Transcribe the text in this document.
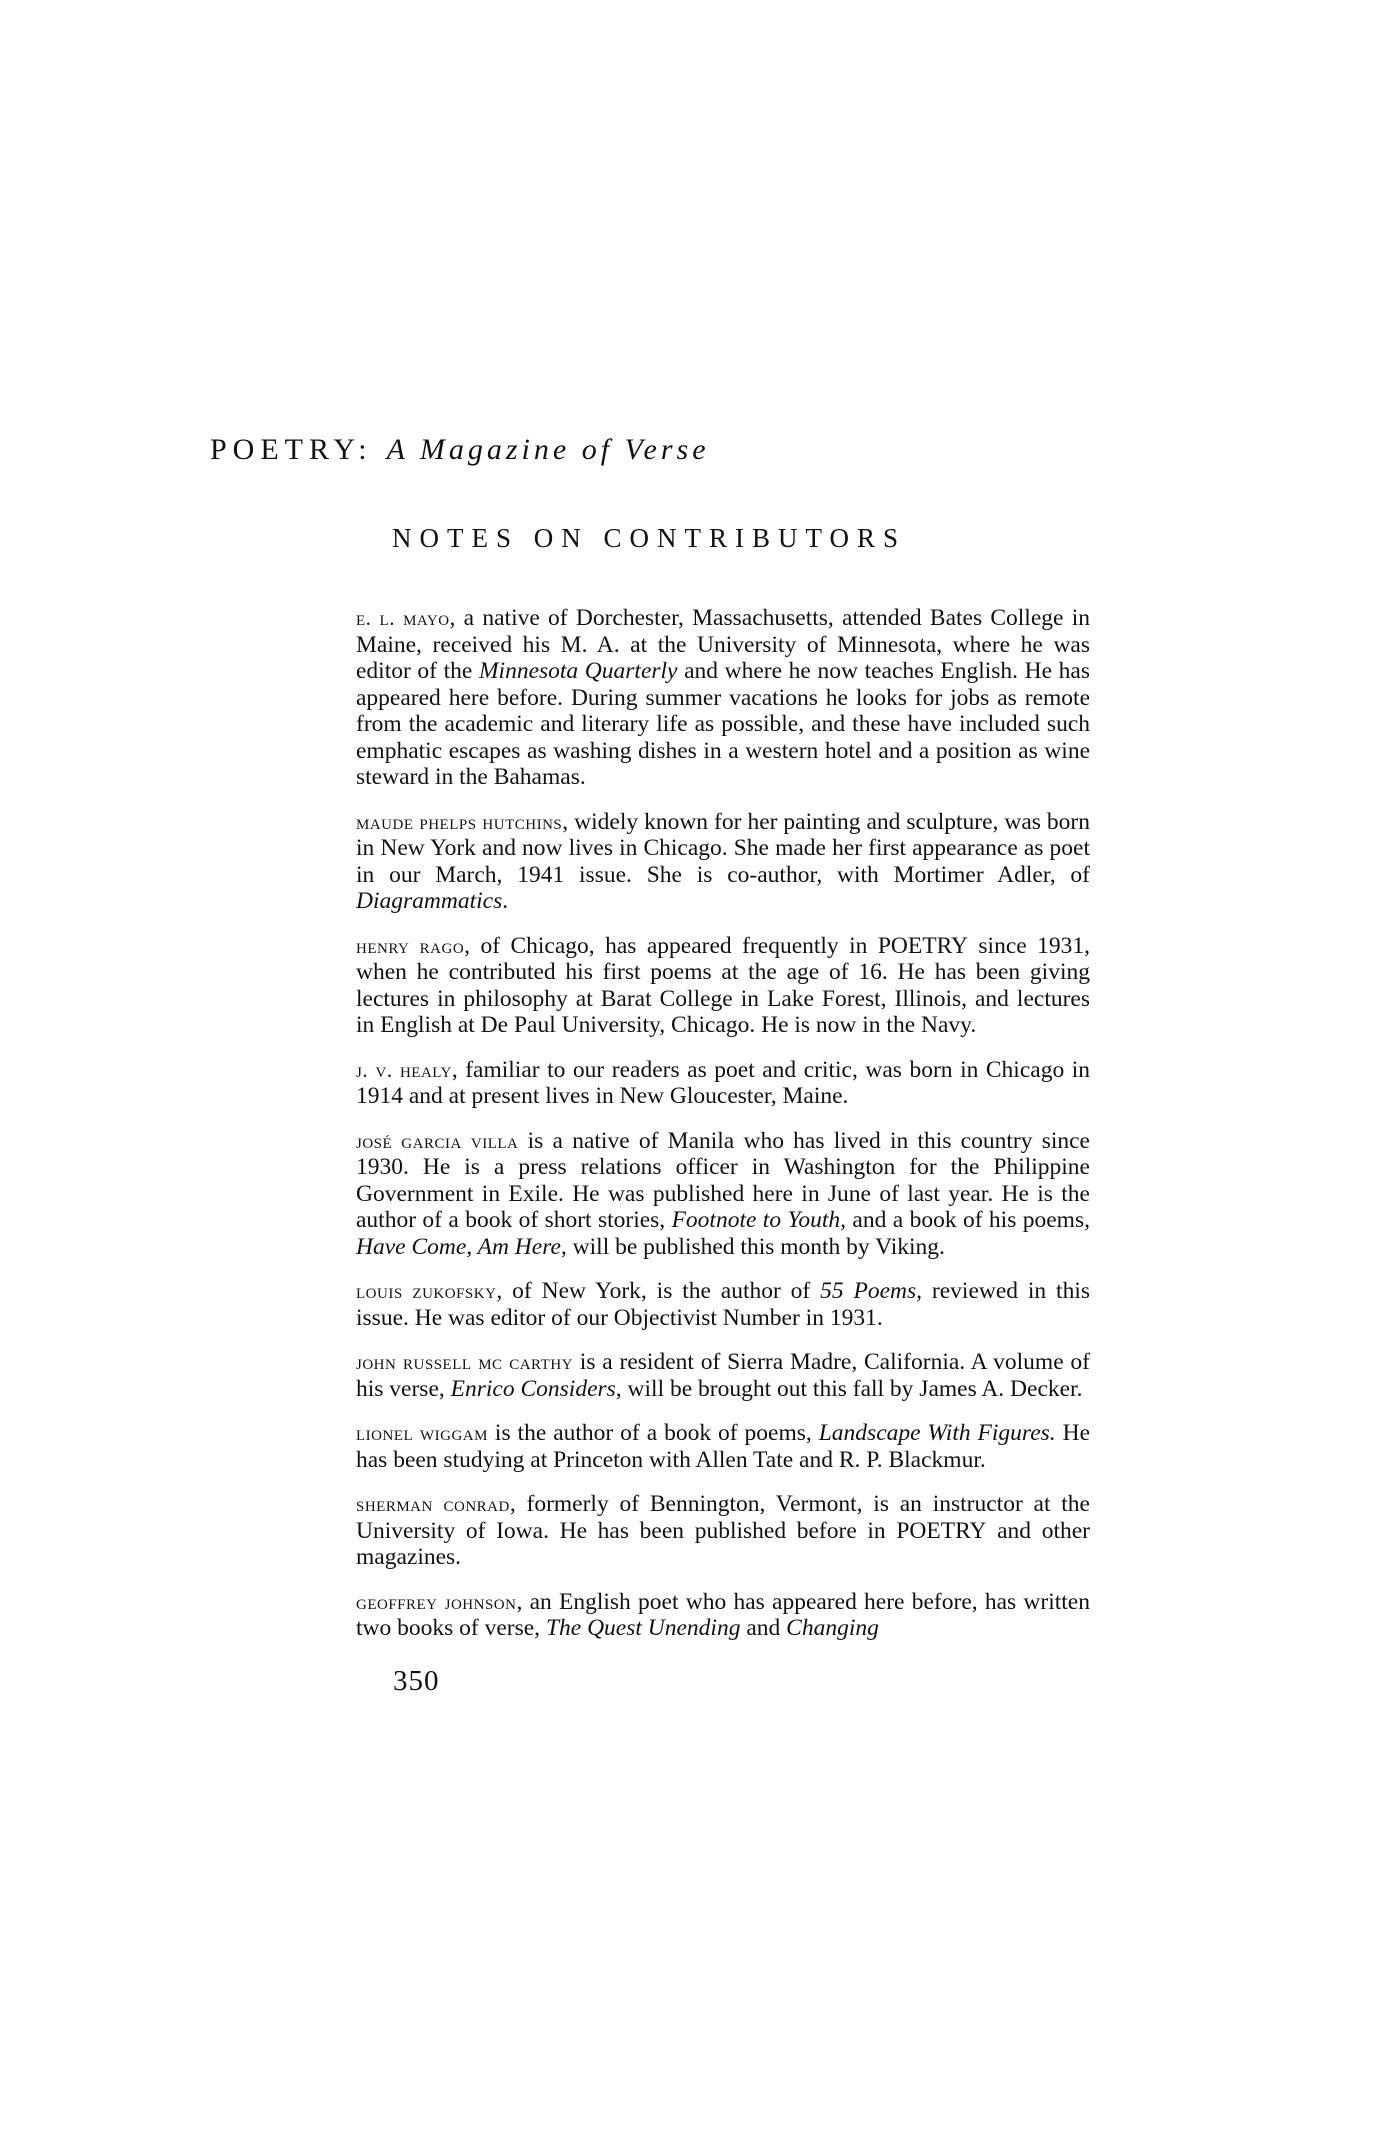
POETRY: A Magazine of Verse
NOTES ON CONTRIBUTORS

e. l. mayo, a native of Dorchester, Massachusetts, attended Bates College in Maine, received his M. A. at the University of Minnesota, where he was editor of the Minnesota Quarterly and where he now teaches English. He has appeared here before. During summer vacations he looks for jobs as remote from the academic and literary life as possible, and these have included such emphatic escapes as washing dishes in a western hotel and a position as wine steward in the Bahamas.

maude phelps hutchins, widely known for her painting and sculpture, was born in New York and now lives in Chicago. She made her first appearance as poet in our March, 1941 issue. She is co-author, with Mortimer Adler, of Diagrammatics.

henry rago, of Chicago, has appeared frequently in POETRY since 1931, when he contributed his first poems at the age of 16. He has been giving lectures in philosophy at Barat College in Lake Forest, Illinois, and lectures in English at De Paul University, Chicago. He is now in the Navy.

j. v. healy, familiar to our readers as poet and critic, was born in Chicago in 1914 and at present lives in New Gloucester, Maine.

josé garcia villa is a native of Manila who has lived in this country since 1930. He is a press relations officer in Washington for the Philippine Government in Exile. He was published here in June of last year. He is the author of a book of short stories, Footnote to Youth, and a book of his poems, Have Come, Am Here, will be published this month by Viking.

louis zukofsky, of New York, is the author of 55 Poems, reviewed in this issue. He was editor of our Objectivist Number in 1931.

john russell mc carthy is a resident of Sierra Madre, California. A volume of his verse, Enrico Considers, will be brought out this fall by James A. Decker.

lionel wiggam is the author of a book of poems, Landscape With Figures. He has been studying at Princeton with Allen Tate and R. P. Blackmur.

sherman conrad, formerly of Bennington, Vermont, is an instructor at the University of Iowa. He has been published before in POETRY and other magazines.

geoffrey johnson, an English poet who has appeared here before, has written two books of verse, The Quest Unending and Changing

350
